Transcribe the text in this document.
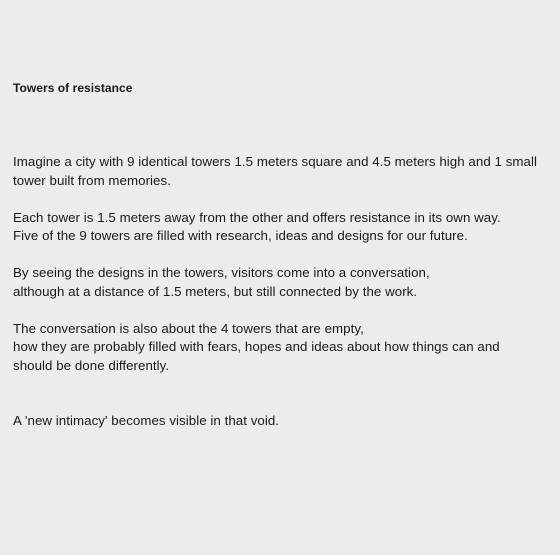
Towers of resistance

Imagine a city with 9 identical towers 1.5 meters square and 4.5 meters high and 1 small
tower built from memories.

Each tower is 1.5 meters away from the other and offers resistance in its own way.
Five of the 9 towers are filled with research, ideas and designs for our future.

By seeing the designs in the towers, visitors come into a conversation,
although at a distance of 1.5 meters, but still connected by the work.

The conversation is also about the 4 towers that are empty,
how they are probably filled with fears, hopes and ideas about how things can and
should be done differently.

A 'new intimacy' becomes visible in that void.
